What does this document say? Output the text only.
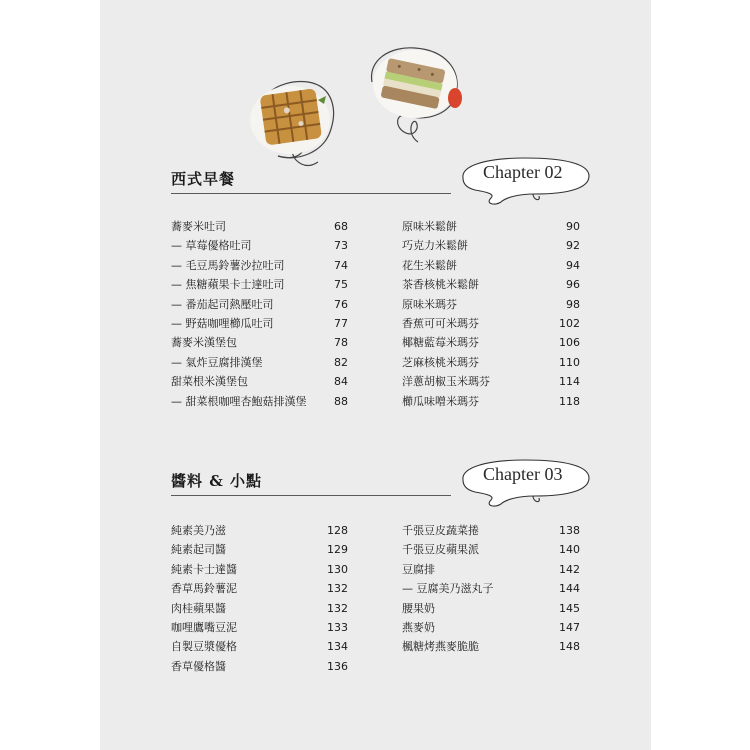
西式早餐	Chapter 02
蕎麥米吐司	68
— 草莓優格吐司	73
— 毛豆馬鈴薯沙拉吐司	74
— 焦糖蘋果卡士達吐司	75
— 番茄起司熱壓吐司	76
— 野菇咖哩櫛瓜吐司	77
蕎麥米漢堡包	78
— 氣炸豆腐排漢堡	82
甜菜根米漢堡包	84
— 甜菜根咖哩杏鮑菇排漢堡	88
原味米鬆餅	90
巧克力米鬆餅	92
花生米鬆餅	94
茶香核桃米鬆餅	96
原味米瑪芬	98
香蕉可可米瑪芬	102
椰糖藍莓米瑪芬	106
芝麻核桃米瑪芬	110
洋蔥胡椒玉米瑪芬	114
櫛瓜味噌米瑪芬	118
醬料 & 小點	Chapter 03
純素美乃滋	128
純素起司醬	129
純素卡士達醬	130
香草馬鈴薯泥	132
肉桂蘋果醬	132
咖哩鷹嘴豆泥	133
自製豆漿優格	134
香草優格醬	136
千張豆皮蔬菜捲	138
千張豆皮蘋果派	140
豆腐排	142
— 豆腐美乃滋丸子	144
腰果奶	145
燕麥奶	147
楓糖烤燕麥脆脆	148
